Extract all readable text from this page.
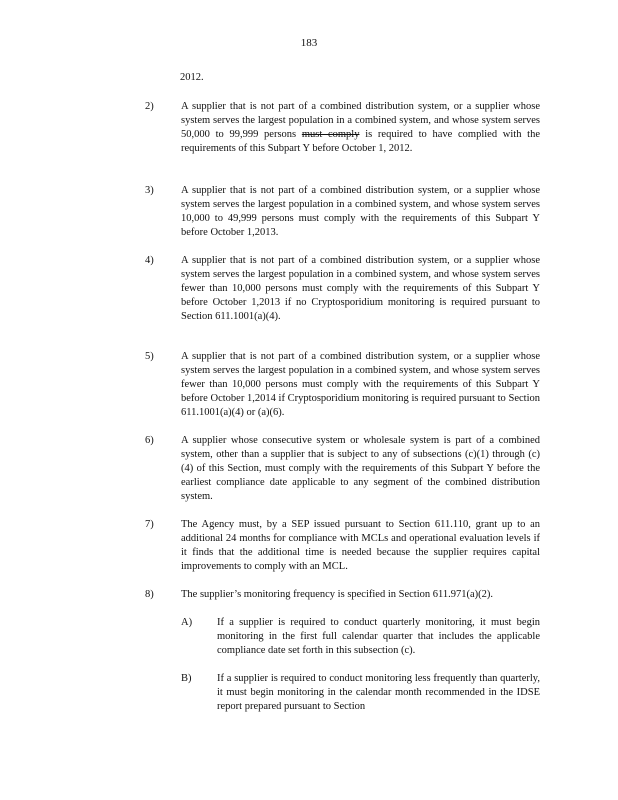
183
2012.
2)	A supplier that is not part of a combined distribution system, or a supplier whose system serves the largest population in a combined system, and whose system serves 50,000 to 99,999 persons must comply is required to have complied with the requirements of this Subpart Y before October 1, 2012.
3)	A supplier that is not part of a combined distribution system, or a supplier whose system serves the largest population in a combined system, and whose system serves 10,000 to 49,999 persons must comply with the requirements of this Subpart Y before October 1,2013.
4)	A supplier that is not part of a combined distribution system, or a supplier whose system serves the largest population in a combined system, and whose system serves fewer than 10,000 persons must comply with the requirements of this Subpart Y before October 1,2013 if no Cryptosporidium monitoring is required pursuant to Section 611.1001(a)(4).
5)	A supplier that is not part of a combined distribution system, or a supplier whose system serves the largest population in a combined system, and whose system serves fewer than 10,000 persons must comply with the requirements of this Subpart Y before October 1,2014 if Cryptosporidium monitoring is required pursuant to Section 611.1001(a)(4) or (a)(6).
6)	A supplier whose consecutive system or wholesale system is part of a combined system, other than a supplier that is subject to any of subsections (c)(1) through (c)(4) of this Section, must comply with the requirements of this Subpart Y before the earliest compliance date applicable to any segment of the combined distribution system.
7)	The Agency must, by a SEP issued pursuant to Section 611.110, grant up to an additional 24 months for compliance with MCLs and operational evaluation levels if it finds that the additional time is needed because the supplier requires capital improvements to comply with an MCL.
8)	The supplier’s monitoring frequency is specified in Section 611.971(a)(2).
A) If a supplier is required to conduct quarterly monitoring, it must begin monitoring in the first full calendar quarter that includes the applicable compliance date set forth in this subsection (c).
B) If a supplier is required to conduct monitoring less frequently than quarterly, it must begin monitoring in the calendar month recommended in the IDSE report prepared pursuant to Section
